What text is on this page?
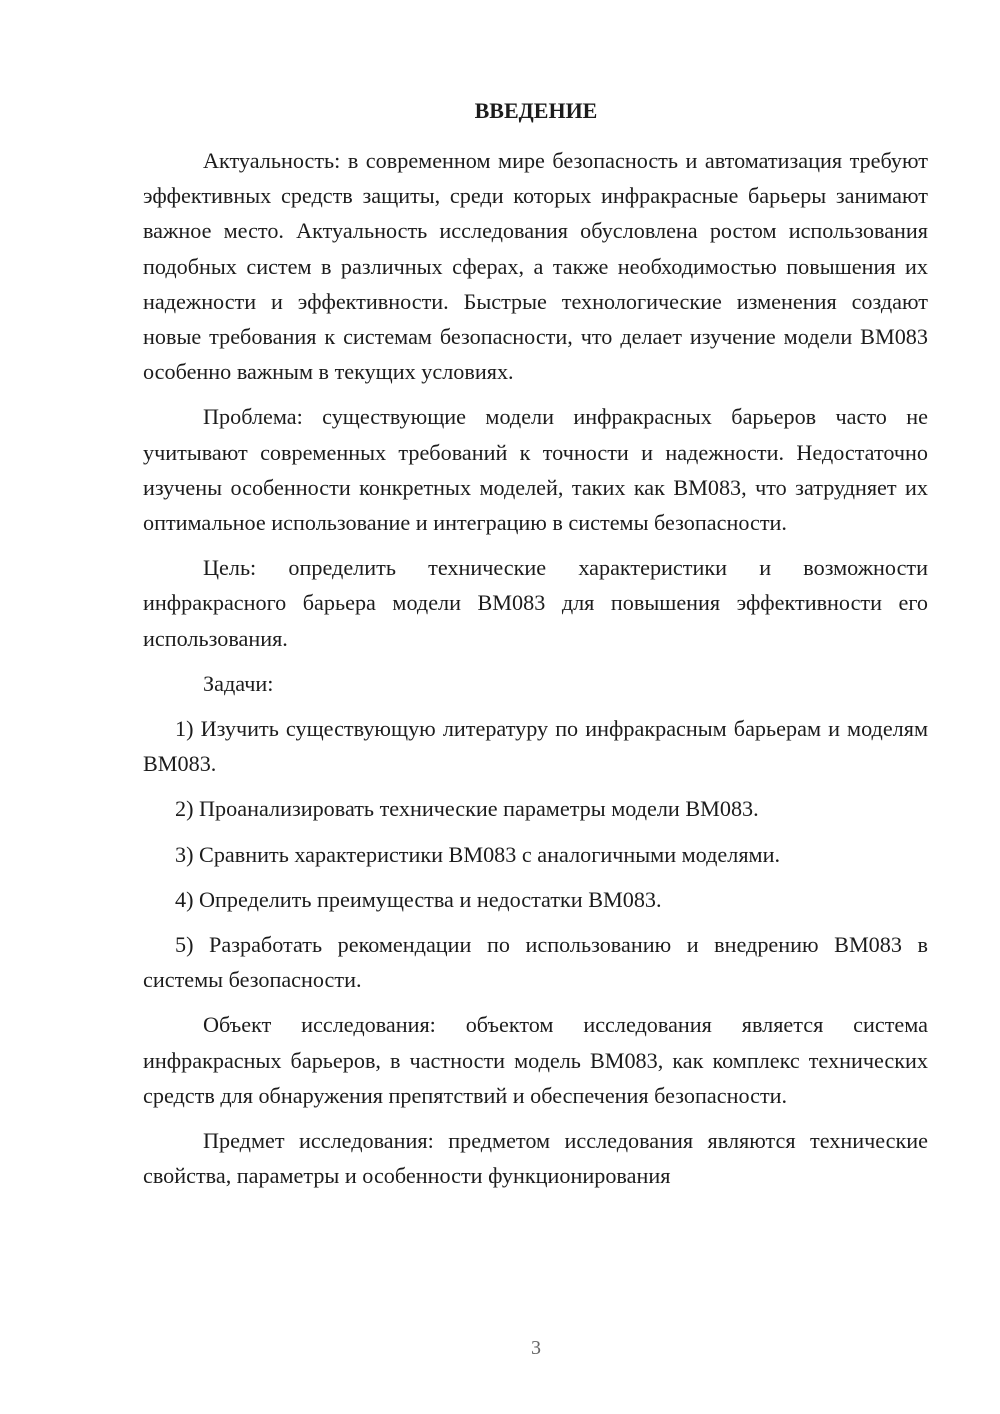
ВВЕДЕНИЕ

Актуальность: в современном мире безопасность и автоматизация требуют эффективных средств защиты, среди которых инфракрасные барьеры занимают важное место. Актуальность исследования обусловлена ростом использования подобных систем в различных сферах, а также необходимостью повышения их надежности и эффективности. Быстрые технологические изменения создают новые требования к системам безопасности, что делает изучение модели BM083 особенно важным в текущих условиях.

Проблема: существующие модели инфракрасных барьеров часто не учитывают современных требований к точности и надежности. Недостаточно изучены особенности конкретных моделей, таких как BM083, что затрудняет их оптимальное использование и интеграцию в системы безопасности.

Цель: определить технические характеристики и возможности инфракрасного барьера модели BM083 для повышения эффективности его использования.

Задачи:

1) Изучить существующую литературу по инфракрасным барьерам и моделям BM083.

2) Проанализировать технические параметры модели BM083.

3) Сравнить характеристики BM083 с аналогичными моделями.

4) Определить преимущества и недостатки BM083.

5) Разработать рекомендации по использованию и внедрению BM083 в системы безопасности.

Объект исследования: объектом исследования является система инфракрасных барьеров, в частности модель BM083, как комплекс технических средств для обнаружения препятствий и обеспечения безопасности.

Предмет исследования: предметом исследования являются технические свойства, параметры и особенности функционирования

3
